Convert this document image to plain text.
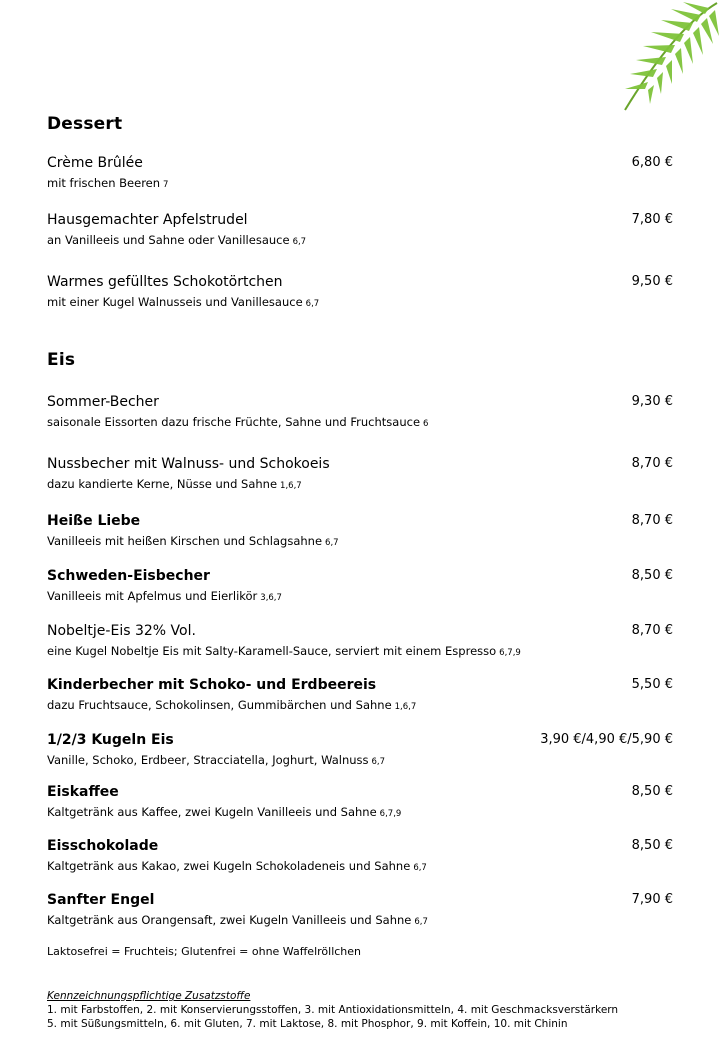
Dessert
Crème Brûlée	6,80 €
mit frischen Beeren 7
Hausgemachter Apfelstrudel	7,80 €
an Vanilleeis und Sahne oder Vanillesauce 6,7
Warmes gefülltes Schokotörtchen	9,50 €
mit einer Kugel Walnusseis und Vanillesauce 6,7
Eis
Sommer-Becher	9,30 €
saisonale Eissorten dazu frische Früchte, Sahne und Fruchtsauce 6
Nussbecher mit Walnuss- und Schokoeis	8,70 €
dazu kandierte Kerne, Nüsse und Sahne 1,6,7
Heiße Liebe	8,70 €
Vanilleeis mit heißen Kirschen und Schlagsahne 6,7
Schweden-Eisbecher	8,50 €
Vanilleeis mit Apfelmus und Eierlikör 3,6,7
Nobeltje-Eis 32% Vol.	8,70 €
eine Kugel Nobeltje Eis mit Salty-Karamell-Sauce, serviert mit einem Espresso 6,7,9
Kinderbecher mit Schoko- und Erdbeereis	5,50 €
dazu Fruchtsauce, Schokolinsen, Gummibärchen und Sahne 1,6,7
1/2/3 Kugeln Eis	3,90 €/4,90 €/5,90 €
Vanille, Schoko, Erdbeer, Stracciatella, Joghurt, Walnuss 6,7
Eiskaffee	8,50 €
Kaltgetränk aus Kaffee, zwei Kugeln Vanilleeis und Sahne 6,7,9
Eisschokolade	8,50 €
Kaltgetränk aus Kakao, zwei Kugeln Schokoladeneis und Sahne 6,7
Sanfter Engel	7,90 €
Kaltgetränk aus Orangensaft, zwei Kugeln Vanilleeis und Sahne 6,7
Laktosefrei = Fruchteis; Glutenfrei = ohne Waffelröllchen
Kennzeichnungspflichtige Zusatzstoffe
1. mit Farbstoffen, 2. mit Konservierungsstoffen, 3. mit Antioxidationsmitteln, 4. mit Geschmacksverstärkern
5. mit Süßungsmitteln, 6. mit Gluten, 7. mit Laktose, 8. mit Phosphor, 9. mit Koffein, 10. mit Chinin
